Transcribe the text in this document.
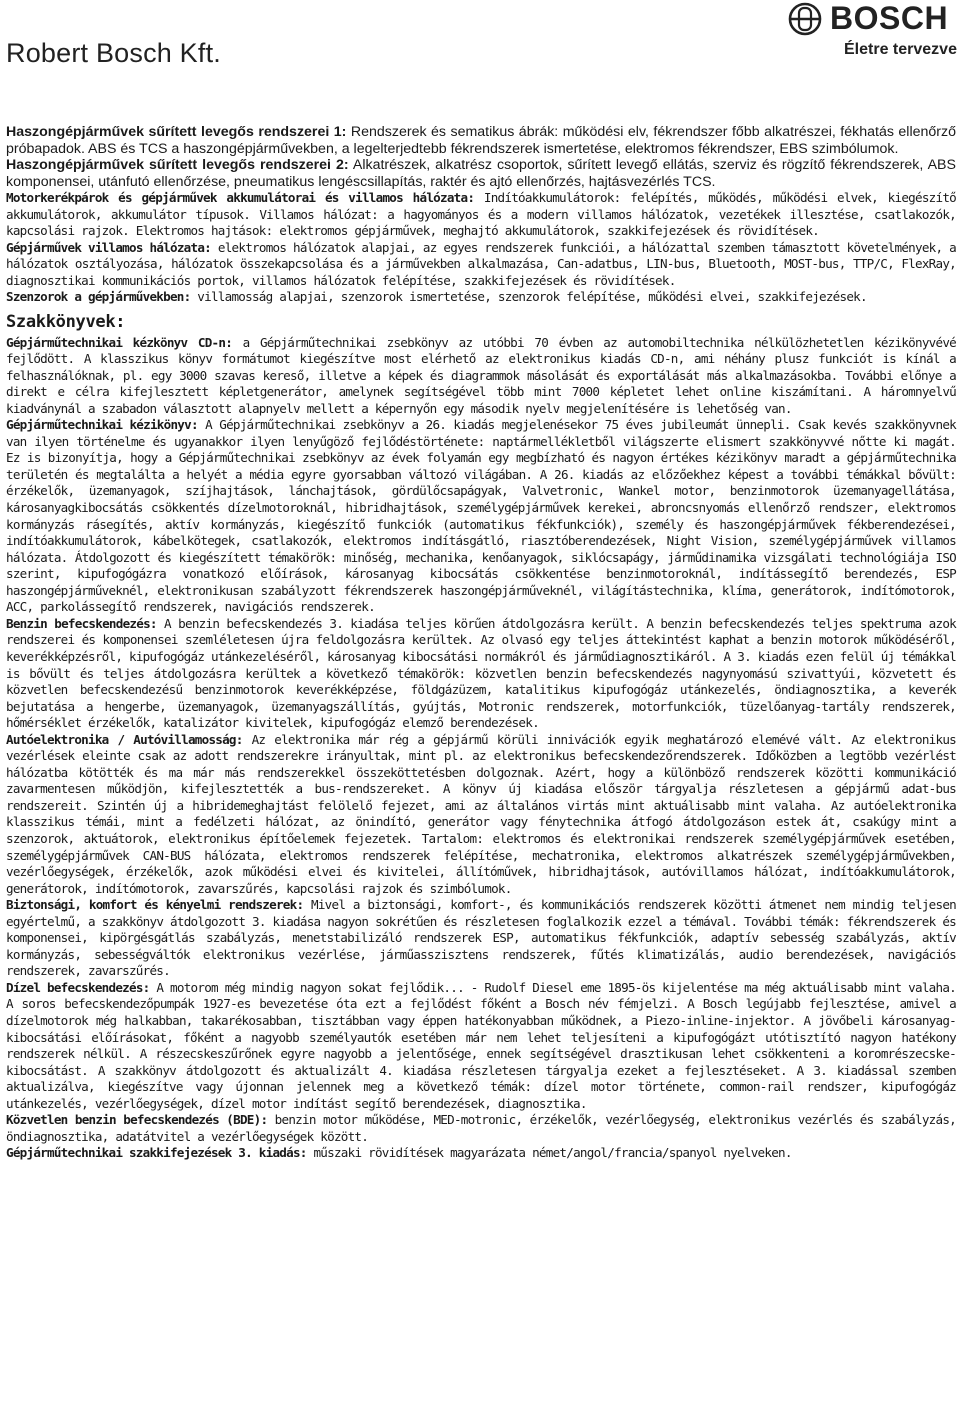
Robert Bosch Kft.
BOSCH
Életre tervezve

Haszongépjárművek sűrített levegős rendszerei 1: Rendszerek és sematikus ábrák: működési elv, fékrendszer főbb alkatrészei, fékhatás ellenőrző próbapadok. ABS és TCS a haszongépjárművekben, a legelterjedtebb fékrendszerek ismertetése, elektromos fékrendszer, EBS szimbólumok.

Haszongépjárművek sűrített levegős rendszerei 2: Alkatrészek, alkatrész csoportok, sűrített levegő ellátás, szerviz és rögzítő fékrendszerek, ABS komponensei, utánfutó ellenőrzése, pneumatikus lengéscsillapítás, raktér és ajtó ellenőrzés, hajtásvezérlés TCS.

Motorkerékpárok és gépjárművek akkumulátorai és villamos hálózata: Indítóakkumulátorok: felépítés, működés, működési elvek, kiegészítő akkumulátorok, akkumulátor típusok. Villamos hálózat: a hagyományos és a modern villamos hálózatok, vezetékek illesztése, csatlakozók, kapcsolási rajzok. Elektromos hajtások: elektromos gépjárművek, meghajtó akkumulátorok, szakkifejezések és rövidítések.

Gépjárművek villamos hálózata: elektromos hálózatok alapjai, az egyes rendszerek funkciói, a hálózattal szemben támasztott követelmények, a hálózatok osztályozása, hálózatok összekapcsolása és a járművekben alkalmazása, Can-adatbus, LIN-bus, Bluetooth, MOST-bus, TTP/C, FlexRay, diagnosztikai kommunikációs portok, villamos hálózatok felépítése, szakkifejezések és rövidítések.

Szenzorok a gépjárművekben: villamosság alapjai, szenzorok ismertetése, szenzorok felépítése, működési elvei, szakkifejezések.

Szakkönyvek:

Gépjárműtechnikai kézkönyv CD-n: a Gépjárműtechnikai zsebkönyv az utóbbi 70 évben az automobiltechnika nélkülözhetetlen kézikönyvévé fejlődött. A klasszikus könyv formátumot kiegészítve most elérhető az elektronikus kiadás CD-n, ami néhány plusz funkciót is kínál a felhasználóknak, pl. egy 3000 szavas kereső, illetve a képek és diagrammok másolását és exportálását más alkalmazásokba. További előnye a direkt e célra kifejlesztett képletgenerátor, amelynek segítségével több mint 7000 képletet lehet online kiszámítani. A háromnyelvű kiadványnál a szabadon választott alapnyelv mellett a képernyőn egy második nyelv megjelenítésére is lehetőség van.

Gépjárműtechnikai kézikönyv: A Gépjárműtechnikai zsebkönyv a 26. kiadás megjelenésekor 75 éves jubileumát ünnepli. Csak kevés szakkönyvnek van ilyen történelme és ugyanakkor ilyen lenyűgöző fejlődéstörténete: naptármellékletből világszerte elismert szakkönyvvé nőtte ki magát. Ez is bizonyítja, hogy a Gépjárműtechnikai zsebkönyv az évek folyamán egy megbízható és nagyon értékes kézikönyv maradt a gépjárműtechnika területén és megtalálta a helyét a média egyre gyorsabban változó világában. A 26. kiadás az előzőekhez képest a további témákkal bővült: érzékelők, üzemanyagok, szíjhajtások, lánchajtások, gördülőcsapágyak, Valvetronic, Wankel motor, benzinmotorok üzemanyagellátása, károsanyagkibocsátás csökkentés dízelmotoroknál, hibridhajtások, személygépjárművek kerekei, abroncsnyomás ellenőrző rendszer, elektromos kormányzás rásegítés, aktív kormányzás, kiegészítő funkciók (automatikus fékfunkciók), személy és haszongépjárművek fékberendezései, indítóakkumulátorok, kábelkötegek, csatlakozók, elektromos indításgátló, riasztóberendezések, Night Vision, személygépjárművek villamos hálózata. Átdolgozott és kiegészített témakörök: minőség, mechanika, kenőanyagok, siklócsapágy, járműdinamika vizsgálati technológiája ISO szerint, kipufogógázra vonatkozó előírások, károsanyag kibocsátás csökkentése benzinmotoroknál, indítássegítő berendezés, ESP haszongépjárműveknél, elektronikusan szabályzott fékrendszerek haszongépjárműveknél, világítástechnika, klíma, generátorok, indítómotorok, ACC, parkolássegítő rendszerek, navigációs rendszerek.

Benzin befecskendezés: A benzin befecskendezés 3. kiadása teljes körűen átdolgozásra került. A benzin befecskendezés teljes spektruma azok rendszerei és komponensei szemléletesen újra feldolgozásra kerültek. Az olvasó egy teljes áttekintést kaphat a benzin motorok működéséről, keverékképzésről, kipufogógáz utánkezeléséről, károsanyag kibocsátási normákról és járműdiagnosztikáról. A 3. kiadás ezen felül új témákkal is bővült és teljes átdolgozásra kerültek a következő témakörök: közvetlen benzin befecskendezés nagynyomású szivattyúi, közvetett és közvetlen befecskendezésű benzinmotorok keverékképzése, földgázüzem, katalitikus kipufogógáz utánkezelés, öndiagnosztika, a keverék bejutatása a hengerbe, üzemanyagok, üzemanyagszállítás, gyújtás, Motronic rendszerek, motorfunkciók, tüzelőanyag-tartály rendszerek, hőmérséklet érzékelők, katalizátor kivitelek, kipufogógáz elemző berendezések.

Autóelektronika / Autóvillamosság: Az elektronika már rég a gépjármű körüli innivációk egyik meghatározó elemévé vált. Az elektronikus vezérlések eleinte csak az adott rendszerekre irányultak, mint pl. az elektronikus befecskendezőrendszerek. Időközben a legtöbb vezérlést hálózatba kötötték és ma már más rendszerekkel összeköttetésben dolgoznak. Azért, hogy a különböző rendszerek közötti kommunikáció zavarmentesen működjön, kifejlesztették a bus-rendszereket. A könyv új kiadása először tárgyalja részletesen a gépjármű adat-bus rendszereit. Szintén új a hibridemeghajtást felölelő fejezet, ami az általános virtás mint aktuálisabb mint valaha. Az autóelektronika klasszikus témái, mint a fedélzeti hálózat, az önindító, generátor vagy fénytechnika átfogó átdolgozáson estek át, csakúgy mint a szenzorok, aktuátorok, elektronikus építőelemek fejezetek. Tartalom: elektromos és elektronikai rendszerek személygépjárművek esetében, személygépjárművek CAN-BUS hálózata, elektromos rendszerek felépítése, mechatronika, elektromos alkatrészek személygépjárművekben, vezérlőegységek, érzékelők, azok működési elvei és kivitelei, állítóművek, hibridhajtások, autóvillamos hálózat, indítóakkumulátorok, generátorok, indítómotorok, zavarszűrés, kapcsolási rajzok és szimbólumok.

Biztonsági, komfort és kényelmi rendszerek: Mivel a biztonsági, komfort-, és kommunikációs rendszerek közötti átmenet nem mindig teljesen egyértelmű, a szakkönyv átdolgozott 3. kiadása nagyon sokrétűen és részletesen foglalkozik ezzel a témával. További témák: fékrendszerek és komponensei, kipörgésgátlás szabályzás, menetstabilizáló rendszerek ESP, automatikus fékfunkciók, adaptív sebesség szabályzás, aktív kormányzás, sebességváltók elektronikus vezérlése, járműasszisztens rendszerek, fűtés klimatizálás, audio berendezések, navigációs rendszerek, zavarszűrés.

Dízel befecskendezés: A motorom még mindig nagyon sokat fejlődik... - Rudolf Diesel eme 1895-ös kijelentése ma még aktuálisabb mint valaha. A soros befecskendezőpumpák 1927-es bevezetése óta ezt a fejlődést főként a Bosch név fémjelzi. A Bosch legújabb fejlesztése, amivel a dízelmotorok még halkabban, takarékosabban, tisztábban vagy éppen hatékonyabban működnek, a Piezo-inline-injektor. A jövőbeli károsanyag-kibocsátási előírásokat, főként a nagyobb személyautók esetében már nem lehet teljesíteni a kipufogógázt utótisztító nagyon hatékony rendszerek nélkül. A részecskeszűrőnek egyre nagyobb a jelentősége, ennek segítségével drasztikusan lehet csökkenteni a koromrészecske-kibocsátást. A szakkönyv átdolgozott és aktualizált 4. kiadása részletesen tárgyalja ezeket a fejlesztéseket. A 3. kiadással szemben aktualizálva, kiegészítve vagy újonnan jelennek meg a következő témák: dízel motor története, common-rail rendszer, kipufogógáz utánkezelés, vezérlőegységek, dízel motor indítást segítő berendezések, diagnosztika.

Közvetlen benzin befecskendezés (BDE): benzin motor működése, MED-motronic, érzékelők, vezérlőegység, elektronikus vezérlés és szabályzás, öndiagnosztika, adatátvitel a vezérlőegységek között.

Gépjárműtechnikai szakkifejezések 3. kiadás: műszaki rövidítések magyarázata német/angol/francia/spanyol nyelveken.
